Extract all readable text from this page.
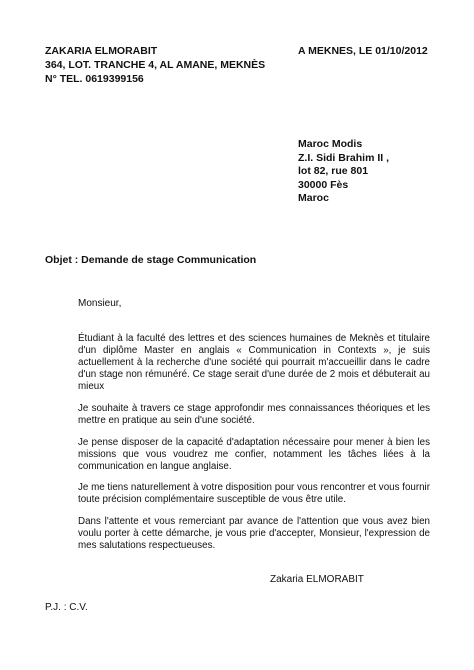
ZAKARIA ELMORABIT
364, LOT. TRANCHE 4, AL AMANE, MEKNÈS
N° TEL. 0619399156
A MEKNES, LE 01/10/2012
Maroc Modis
Z.I. Sidi Brahim II ,
lot 82, rue 801
30000 Fès
Maroc
Objet : Demande de stage Communication
Monsieur,
Étudiant à la faculté des lettres et des sciences humaines de Meknès et titulaire d'un diplôme Master en anglais « Communication in Contexts », je suis actuellement à la recherche d'une société qui pourrait m'accueillir dans le cadre d'un stage non rémunéré. Ce stage serait d'une durée de 2 mois et débuterait au mieux
Je souhaite à travers ce stage approfondir mes connaissances théoriques et les mettre en pratique au sein d'une société.
Je pense disposer de la capacité d'adaptation nécessaire pour mener à bien les missions que vous voudrez me confier, notamment les tâches liées à la communication en langue anglaise.
Je me tiens naturellement à votre disposition pour vous rencontrer et vous fournir toute précision complémentaire susceptible de vous être utile.
Dans l'attente et vous remerciant par avance de l'attention que vous avez bien voulu porter à cette démarche, je vous prie d'accepter, Monsieur, l'expression de mes salutations respectueuses.
Zakaria ELMORABIT
P.J. : C.V.
